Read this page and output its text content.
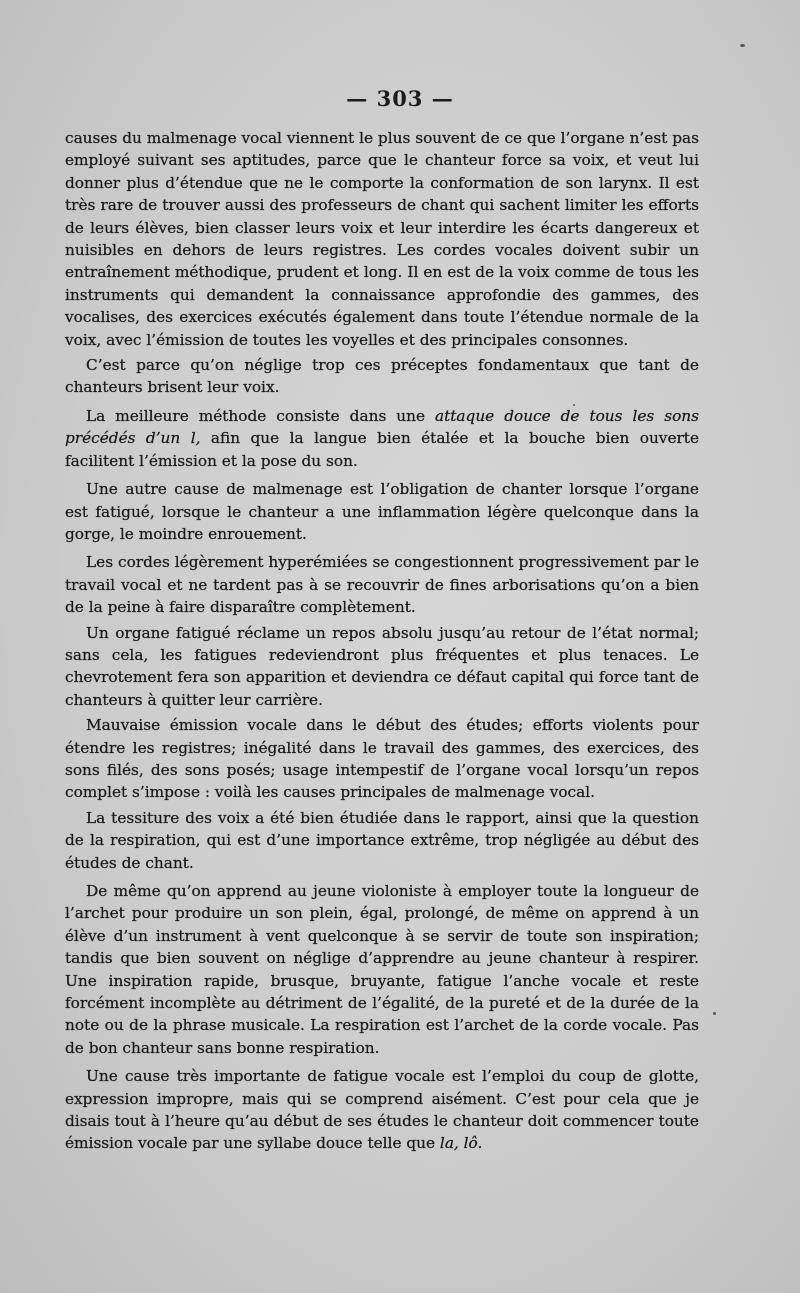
— 303 —

causes du malmenage vocal viennent le plus souvent de ce que l’organe n’est pas employé suivant ses aptitudes, parce que le chanteur force sa voix, et veut lui donner plus d’étendue que ne le comporte la conformation de son larynx. Il est très rare de trouver aussi des professeurs de chant qui sachent limiter les efforts de leurs élèves, bien classer leurs voix et leur interdire les écarts dangereux et nuisibles en dehors de leurs registres. Les cordes vocales doivent subir un entraînement méthodique, prudent et long. Il en est de la voix comme de tous les instruments qui demandent la connaissance approfondie des gammes, des vocalises, des exercices exécutés également dans toute l’étendue normale de la voix, avec l’émission de toutes les voyelles et des principales consonnes.

C’est parce qu’on néglige trop ces préceptes fondamentaux que tant de chanteurs brisent leur voix.

La meilleure méthode consiste dans une attaque douce de tous les sons précédés d’un l, afin que la langue bien étalée et la bouche bien ouverte facilitent l’émission et la pose du son.

Une autre cause de malmenage est l’obligation de chanter lorsque l’organe est fatigué, lorsque le chanteur a une inflammation légère quelconque dans la gorge, le moindre enrouement.

Les cordes légèrement hyperémiées se congestionnent progressivement par le travail vocal et ne tardent pas à se recouvrir de fines arborisations qu’on a bien de la peine à faire disparaître complètement.

Un organe fatigué réclame un repos absolu jusqu’au retour de l’état normal; sans cela, les fatigues redeviendront plus fréquentes et plus tenaces. Le chevrotement fera son apparition et deviendra ce défaut capital qui force tant de chanteurs à quitter leur carrière.

Mauvaise émission vocale dans le début des études; efforts violents pour étendre les registres; inégalité dans le travail des gammes, des exercices, des sons filés, des sons posés; usage intempestif de l’organe vocal lorsqu’un repos complet s’impose : voilà les causes principales de malmenage vocal.

La tessiture des voix a été bien étudiée dans le rapport, ainsi que la question de la respiration, qui est d’une importance extrême, trop négligée au début des études de chant.

De même qu’on apprend au jeune violoniste à employer toute la longueur de l’archet pour produire un son plein, égal, prolongé, de même on apprend à un élève d’un instrument à vent quelconque à se servir de toute son inspiration; tandis que bien souvent on néglige d’apprendre au jeune chanteur à respirer. Une inspiration rapide, brusque, bruyante, fatigue l’anche vocale et reste forcément incomplète au détriment de l’égalité, de la pureté et de la durée de la note ou de la phrase musicale. La respiration est l’archet de la corde vocale. Pas de bon chanteur sans bonne respiration.

Une cause très importante de fatigue vocale est l’emploi du coup de glotte, expression impropre, mais qui se comprend aisément. C’est pour cela que je disais tout à l’heure qu’au début de ses études le chanteur doit commencer toute émission vocale par une syllabe douce telle que la, lô.
